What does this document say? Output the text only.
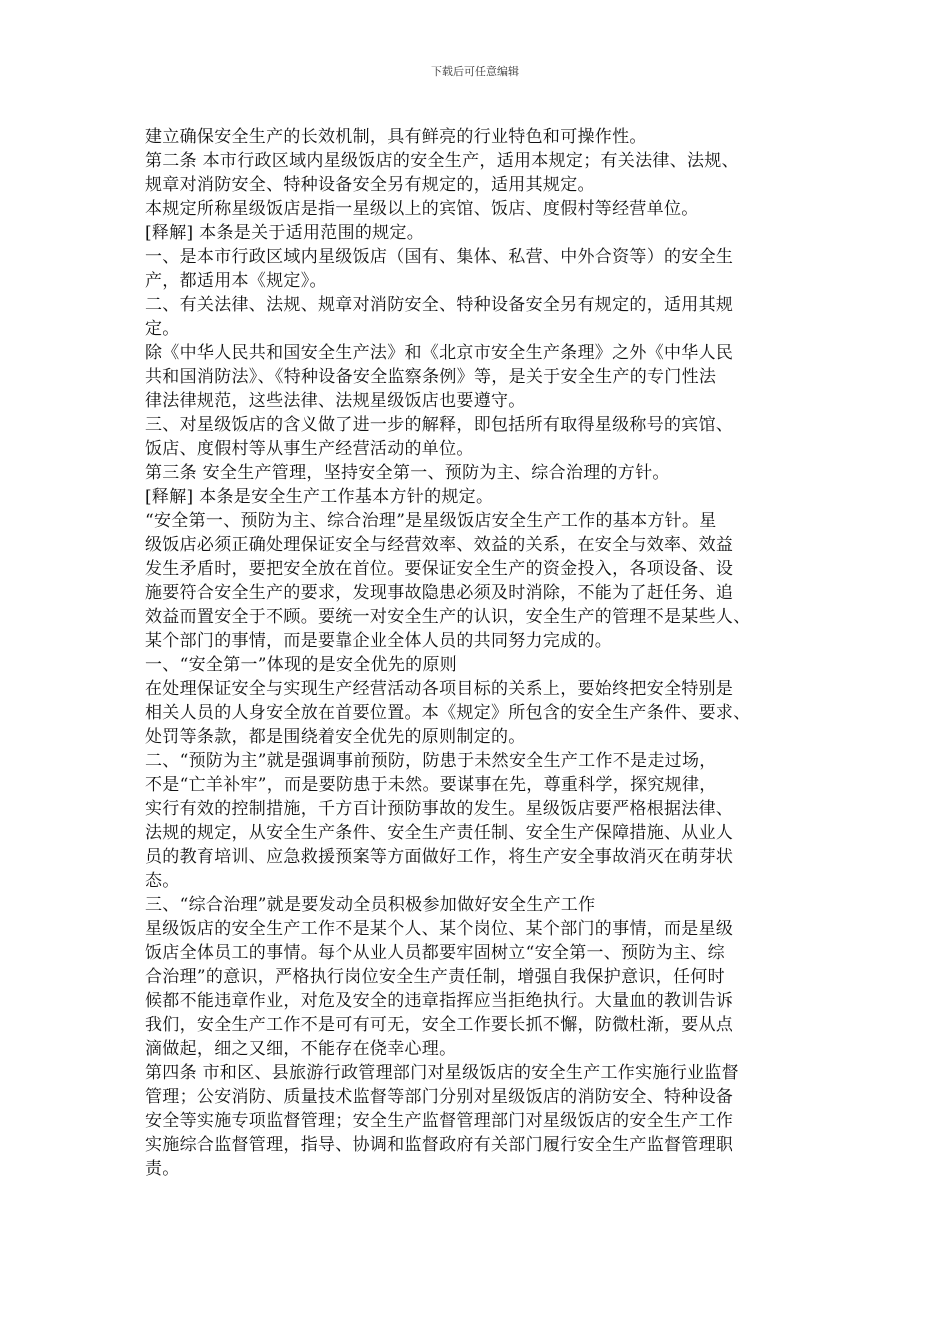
下载后可任意编辑
建立确保安全生产的长效机制，具有鲜亮的行业特色和可操作性。
第二条 本市行政区域内星级饭店的安全生产，适用本规定；有关法律、法规、
规章对消防安全、特种设备安全另有规定的，适用其规定。
本规定所称星级饭店是指一星级以上的宾馆、饭店、度假村等经营单位。
[释解] 本条是关于适用范围的规定。
一、是本市行政区域内星级饭店（国有、集体、私营、中外合资等）的安全生
产，都适用本《规定》。
二、有关法律、法规、规章对消防安全、特种设备安全另有规定的，适用其规
定。
除《中华人民共和国安全生产法》和《北京市安全生产条理》之外《中华人民
共和国消防法》、《特种设备安全监察条例》等，是关于安全生产的专门性法
律法律规范，这些法律、法规星级饭店也要遵守。
三、对星级饭店的含义做了进一步的解释，即包括所有取得星级称号的宾馆、
饭店、度假村等从事生产经营活动的单位。
第三条 安全生产管理，坚持安全第一、预防为主、综合治理的方针。
[释解] 本条是安全生产工作基本方针的规定。
“安全第一、预防为主、综合治理”是星级饭店安全生产工作的基本方针。星
级饭店必须正确处理保证安全与经营效率、效益的关系，在安全与效率、效益
发生矛盾时，要把安全放在首位。要保证安全生产的资金投入，各项设备、设
施要符合安全生产的要求，发现事故隐患必须及时消除，不能为了赶任务、追
效益而置安全于不顾。要统一对安全生产的认识，安全生产的管理不是某些人、
某个部门的事情，而是要靠企业全体人员的共同努力完成的。
一、“安全第一”体现的是安全优先的原则
在处理保证安全与实现生产经营活动各项目标的关系上，要始终把安全特别是
相关人员的人身安全放在首要位置。本《规定》所包含的安全生产条件、要求、
处罚等条款，都是围绕着安全优先的原则制定的。
二、“预防为主”就是强调事前预防，防患于未然安全生产工作不是走过场，
不是“亡羊补牢”，而是要防患于未然。要谋事在先，尊重科学，探究规律，
实行有效的控制措施，千方百计预防事故的发生。星级饭店要严格根据法律、
法规的规定，从安全生产条件、安全生产责任制、安全生产保障措施、从业人
员的教育培训、应急救援预案等方面做好工作，将生产安全事故消灭在萌芽状
态。
三、“综合治理”就是要发动全员积极参加做好安全生产工作
星级饭店的安全生产工作不是某个人、某个岗位、某个部门的事情，而是星级
饭店全体员工的事情。每个从业人员都要牢固树立“安全第一、预防为主、综
合治理”的意识，严格执行岗位安全生产责任制，增强自我保护意识，任何时
候都不能违章作业，对危及安全的违章指挥应当拒绝执行。大量血的教训告诉
我们，安全生产工作不是可有可无，安全工作要长抓不懈，防微杜渐，要从点
滴做起，细之又细，不能存在侥幸心理。
第四条 市和区、县旅游行政管理部门对星级饭店的安全生产工作实施行业监督
管理；公安消防、质量技术监督等部门分别对星级饭店的消防安全、特种设备
安全等实施专项监督管理；安全生产监督管理部门对星级饭店的安全生产工作
实施综合监督管理，指导、协调和监督政府有关部门履行安全生产监督管理职
责。
